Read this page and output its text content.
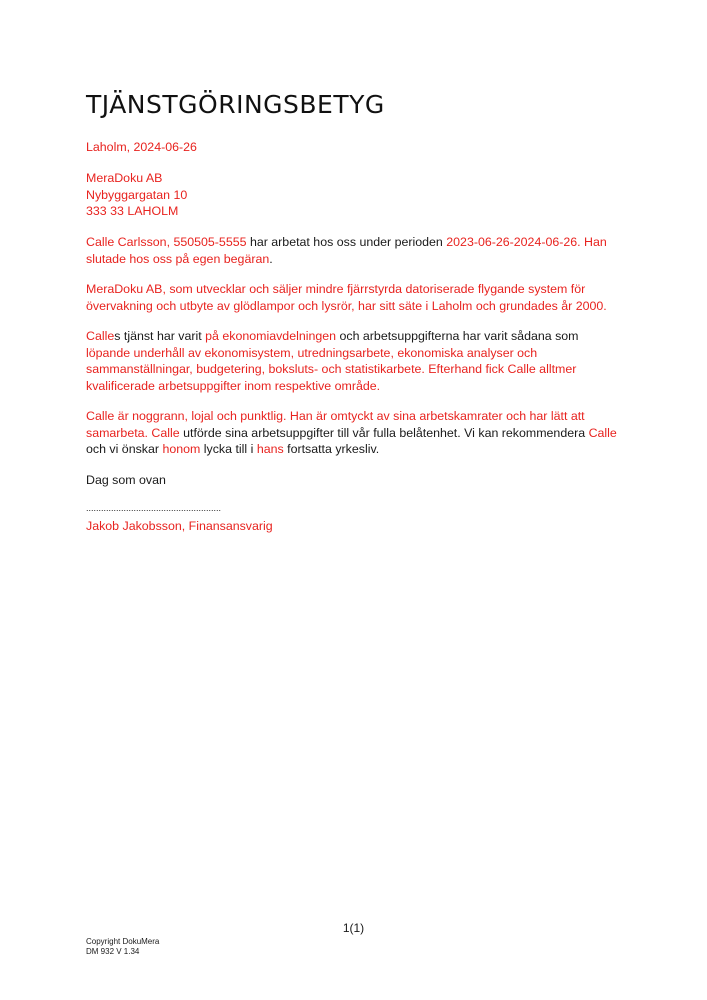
TJÄNSTGÖRINGSBETYG
Laholm, 2024-06-26
MeraDoku AB
Nybyggargatan 10
333 33 LAHOLM
Calle Carlsson, 550505-5555 har arbetat hos oss under perioden 2023-06-26-2024-06-26. Han
slutade hos oss på egen begäran.
MeraDoku AB, som utvecklar och säljer mindre fjärrstyrda datoriserade flygande system för
övervakning och utbyte av glödlampor och lysrör, har sitt säte i Laholm och grundades år 2000.
Calles tjänst har varit på ekonomiavdelningen och arbetsuppgifterna har varit sådana som
löpande underhåll av ekonomisystem, utredningsarbete, ekonomiska analyser och
sammanställningar, budgetering, boksluts- och statistikarbete. Efterhand fick Calle alltmer
kvalificerade arbetsuppgifter inom respektive område.
Calle är noggrann, lojal och punktlig. Han är omtyckt av sina arbetskamrater och har lätt att
samarbeta. Calle utförde sina arbetsuppgifter till vår fulla belåtenhet. Vi kan rekommendera Calle
och vi önskar honom lycka till i hans fortsatta yrkesliv.
Dag som ovan
......................................................
Jakob Jakobsson, Finansansvarig
1(1)
Copyright DokuMera
DM 932 V 1.34
